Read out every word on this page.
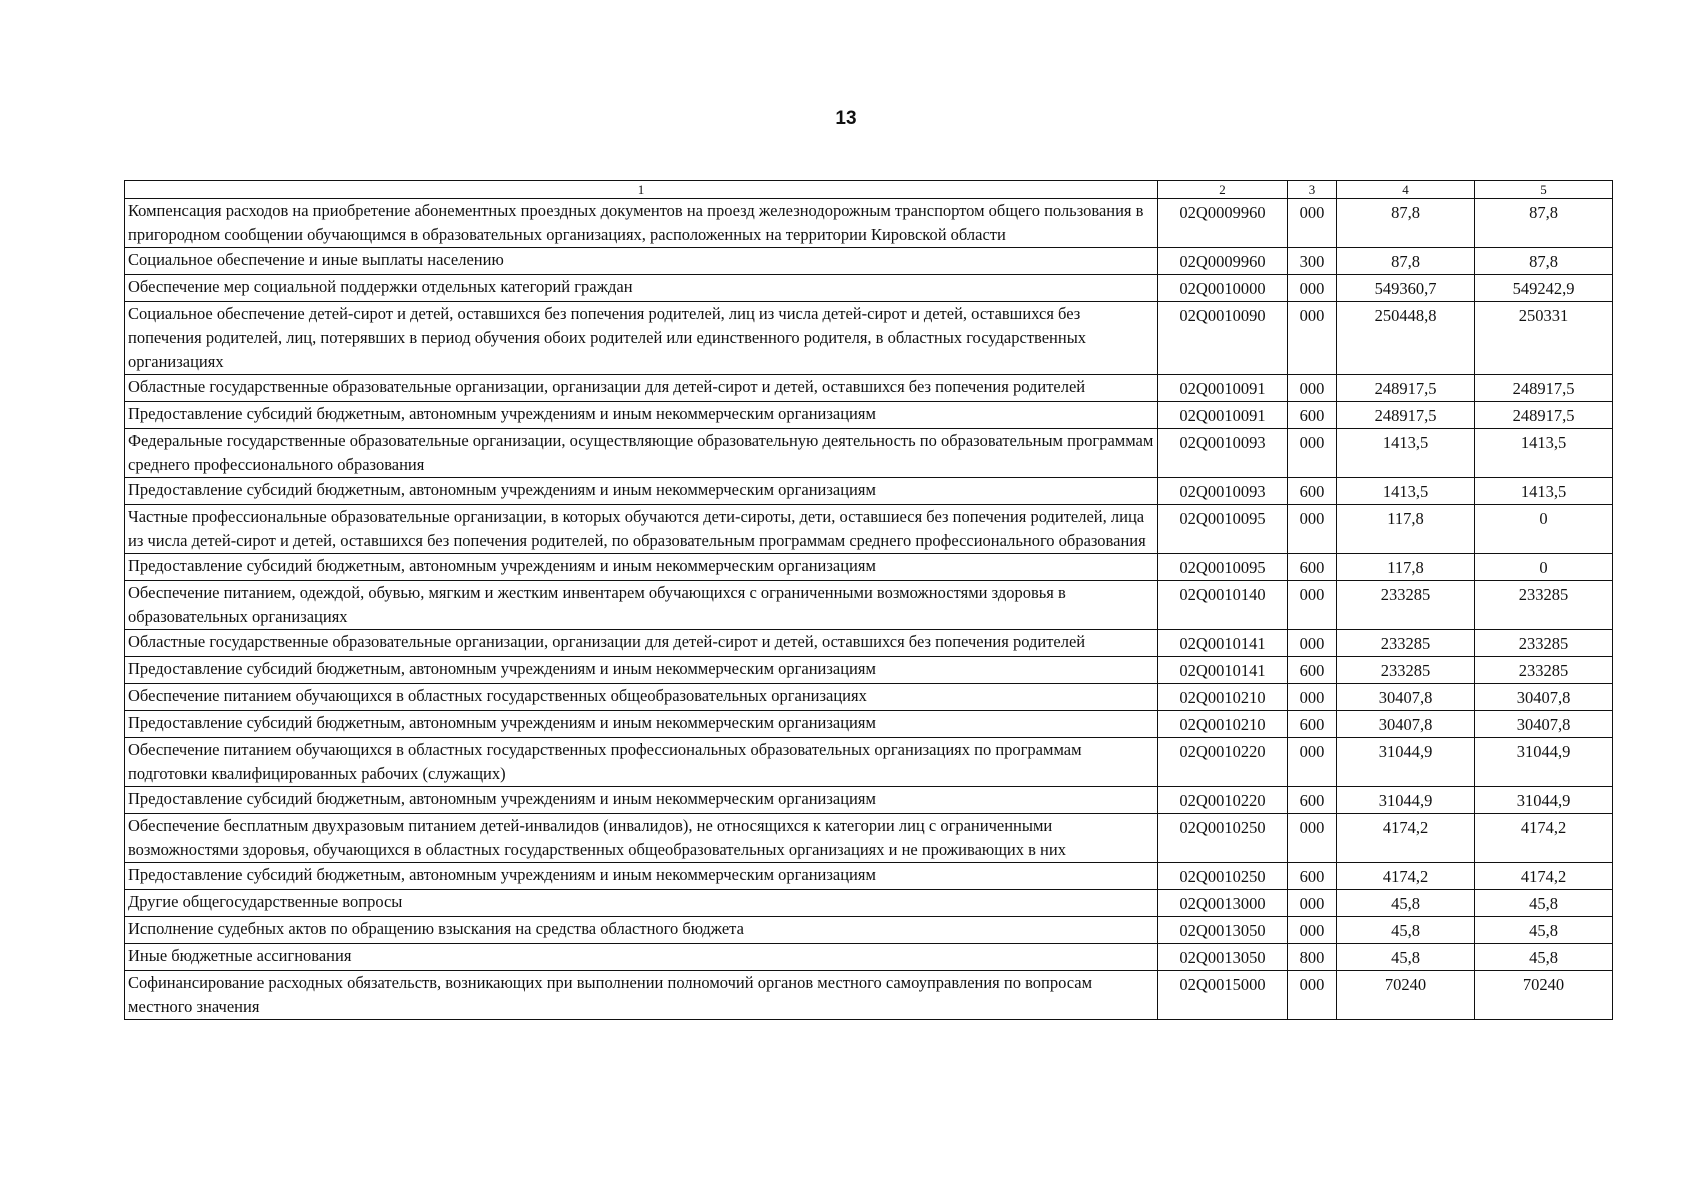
13
1	2	3	4	5
Компенсация расходов на приобретение абонементных проездных документов на проезд железнодорожным транспортом общего пользования в пригородном сообщении обучающимся в образовательных организациях, расположенных на территории Кировской области	02Q0009960	000	87,8	87,8
Социальное обеспечение и иные выплаты населению	02Q0009960	300	87,8	87,8
Обеспечение мер социальной поддержки отдельных категорий граждан	02Q0010000	000	549360,7	549242,9
Социальное обеспечение детей-сирот и детей, оставшихся без попечения родителей, лиц из числа детей-сирот и детей, оставшихся без попечения родителей, лиц, потерявших в период обучения обоих родителей или единственного родителя, в областных государственных организациях	02Q0010090	000	250448,8	250331
Областные государственные образовательные организации, организации для детей-сирот и детей, оставшихся без попечения родителей	02Q0010091	000	248917,5	248917,5
Предоставление субсидий бюджетным, автономным учреждениям и иным некоммерческим организациям	02Q0010091	600	248917,5	248917,5
Федеральные государственные образовательные организации, осуществляющие образовательную деятельность по образовательным программам среднего профессионального образования	02Q0010093	000	1413,5	1413,5
Предоставление субсидий бюджетным, автономным учреждениям и иным некоммерческим организациям	02Q0010093	600	1413,5	1413,5
Частные профессиональные образовательные организации, в которых обучаются дети-сироты, дети, оставшиеся без попечения родителей, лица из числа детей-сирот и детей, оставшихся без попечения родителей, по образовательным программам среднего профессионального образования	02Q0010095	000	117,8	0
Предоставление субсидий бюджетным, автономным учреждениям и иным некоммерческим организациям	02Q0010095	600	117,8	0
Обеспечение питанием, одеждой, обувью, мягким и жестким инвентарем обучающихся с ограниченными возможностями здоровья в образовательных организациях	02Q0010140	000	233285	233285
Областные государственные образовательные организации, организации для детей-сирот и детей, оставшихся без попечения родителей	02Q0010141	000	233285	233285
Предоставление субсидий бюджетным, автономным учреждениям и иным некоммерческим организациям	02Q0010141	600	233285	233285
Обеспечение питанием обучающихся в областных государственных общеобразовательных организациях	02Q0010210	000	30407,8	30407,8
Предоставление субсидий бюджетным, автономным учреждениям и иным некоммерческим организациям	02Q0010210	600	30407,8	30407,8
Обеспечение питанием обучающихся в областных государственных профессиональных образовательных организациях по программам подготовки квалифицированных рабочих (служащих)	02Q0010220	000	31044,9	31044,9
Предоставление субсидий бюджетным, автономным учреждениям и иным некоммерческим организациям	02Q0010220	600	31044,9	31044,9
Обеспечение бесплатным двухразовым питанием детей-инвалидов (инвалидов), не относящихся к категории лиц с ограниченными возможностями здоровья, обучающихся в областных государственных общеобразовательных организациях и не проживающих в них	02Q0010250	000	4174,2	4174,2
Предоставление субсидий бюджетным, автономным учреждениям и иным некоммерческим организациям	02Q0010250	600	4174,2	4174,2
Другие общегосударственные вопросы	02Q0013000	000	45,8	45,8
Исполнение судебных актов по обращению взыскания на средства областного бюджета	02Q0013050	000	45,8	45,8
Иные бюджетные ассигнования	02Q0013050	800	45,8	45,8
Софинансирование расходных обязательств, возникающих при выполнении полномочий органов местного самоуправления по вопросам местного значения	02Q0015000	000	70240	70240
